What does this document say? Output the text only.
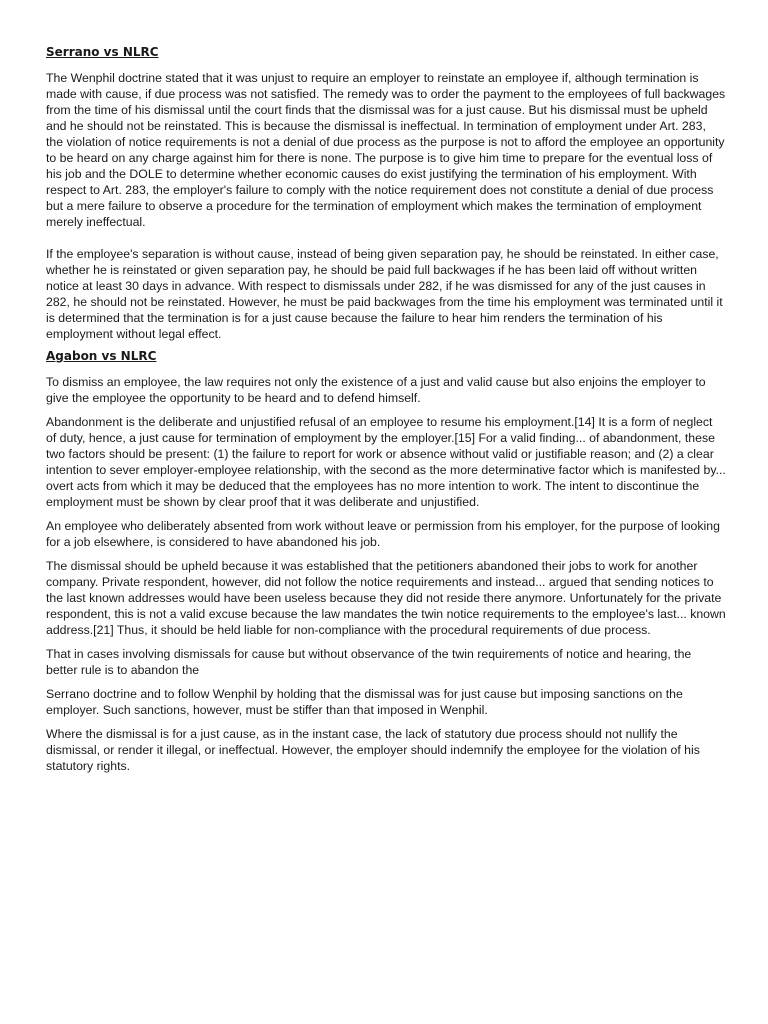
Serrano vs NLRC

The Wenphil doctrine stated that it was unjust to require an employer to reinstate an employee if, although termination is made with cause, if due process was not satisfied. The remedy was to order the payment to the employees of full backwages from the time of his dismissal until the court finds that the dismissal was for a just cause. But his dismissal must be upheld and he should not be reinstated. This is because the dismissal is ineffectual. In termination of employment under Art. 283, the violation of notice requirements is not a denial of due process as the purpose is not to afford the employee an opportunity to be heard on any charge against him for there is none. The purpose is to give him time to prepare for the eventual loss of his job and the DOLE to determine whether economic causes do exist justifying the termination of his employment. With respect to Art. 283, the employer's failure to comply with the notice requirement does not constitute a denial of due process but a mere failure to observe a procedure for the termination of employment which makes the termination of employment merely ineffectual.

If the employee's separation is without cause, instead of being given separation pay, he should be reinstated. In either case, whether he is reinstated or given separation pay, he should be paid full backwages if he has been laid off without written notice at least 30 days in advance. With respect to dismissals under 282, if he was dismissed for any of the just causes in 282, he should not be reinstated. However, he must be paid backwages from the time his employment was terminated until it is determined that the termination is for a just cause because the failure to hear him renders the termination of his employment without legal effect.

Agabon vs NLRC

To dismiss an employee, the law requires not only the existence of a just and valid cause but also enjoins the employer to give the employee the opportunity to be heard and to defend himself.

Abandonment is the deliberate and unjustified refusal of an employee to resume his employment.[14] It is a form of neglect of duty, hence, a just cause for termination of employment by the employer.[15] For a valid finding... of abandonment, these two factors should be present: (1) the failure to report for work or absence without valid or justifiable reason; and (2) a clear intention to sever employer-employee relationship, with the second as the more determinative factor which is manifested by... overt acts from which it may be deduced that the employees has no more intention to work. The intent to discontinue the employment must be shown by clear proof that it was deliberate and unjustified.

An employee who deliberately absented from work without leave or permission from his employer, for the purpose of looking for a job elsewhere, is considered to have abandoned his job.

The dismissal should be upheld because it was established that the petitioners abandoned their jobs to work for another company. Private respondent, however, did not follow the notice requirements and instead... argued that sending notices to the last known addresses would have been useless because they did not reside there anymore. Unfortunately for the private respondent, this is not a valid excuse because the law mandates the twin notice requirements to the employee's last... known address.[21] Thus, it should be held liable for non-compliance with the procedural requirements of due process.

That in cases involving dismissals for cause but without observance of the twin requirements of notice and hearing, the better rule is to abandon the

Serrano doctrine and to follow Wenphil by holding that the dismissal was for just cause but imposing sanctions on the employer. Such sanctions, however, must be stiffer than that imposed in Wenphil.

Where the dismissal is for a just cause, as in the instant case, the lack of statutory due process should not nullify the dismissal, or render it illegal, or ineffectual. However, the employer should indemnify the employee for the violation of his statutory rights.
